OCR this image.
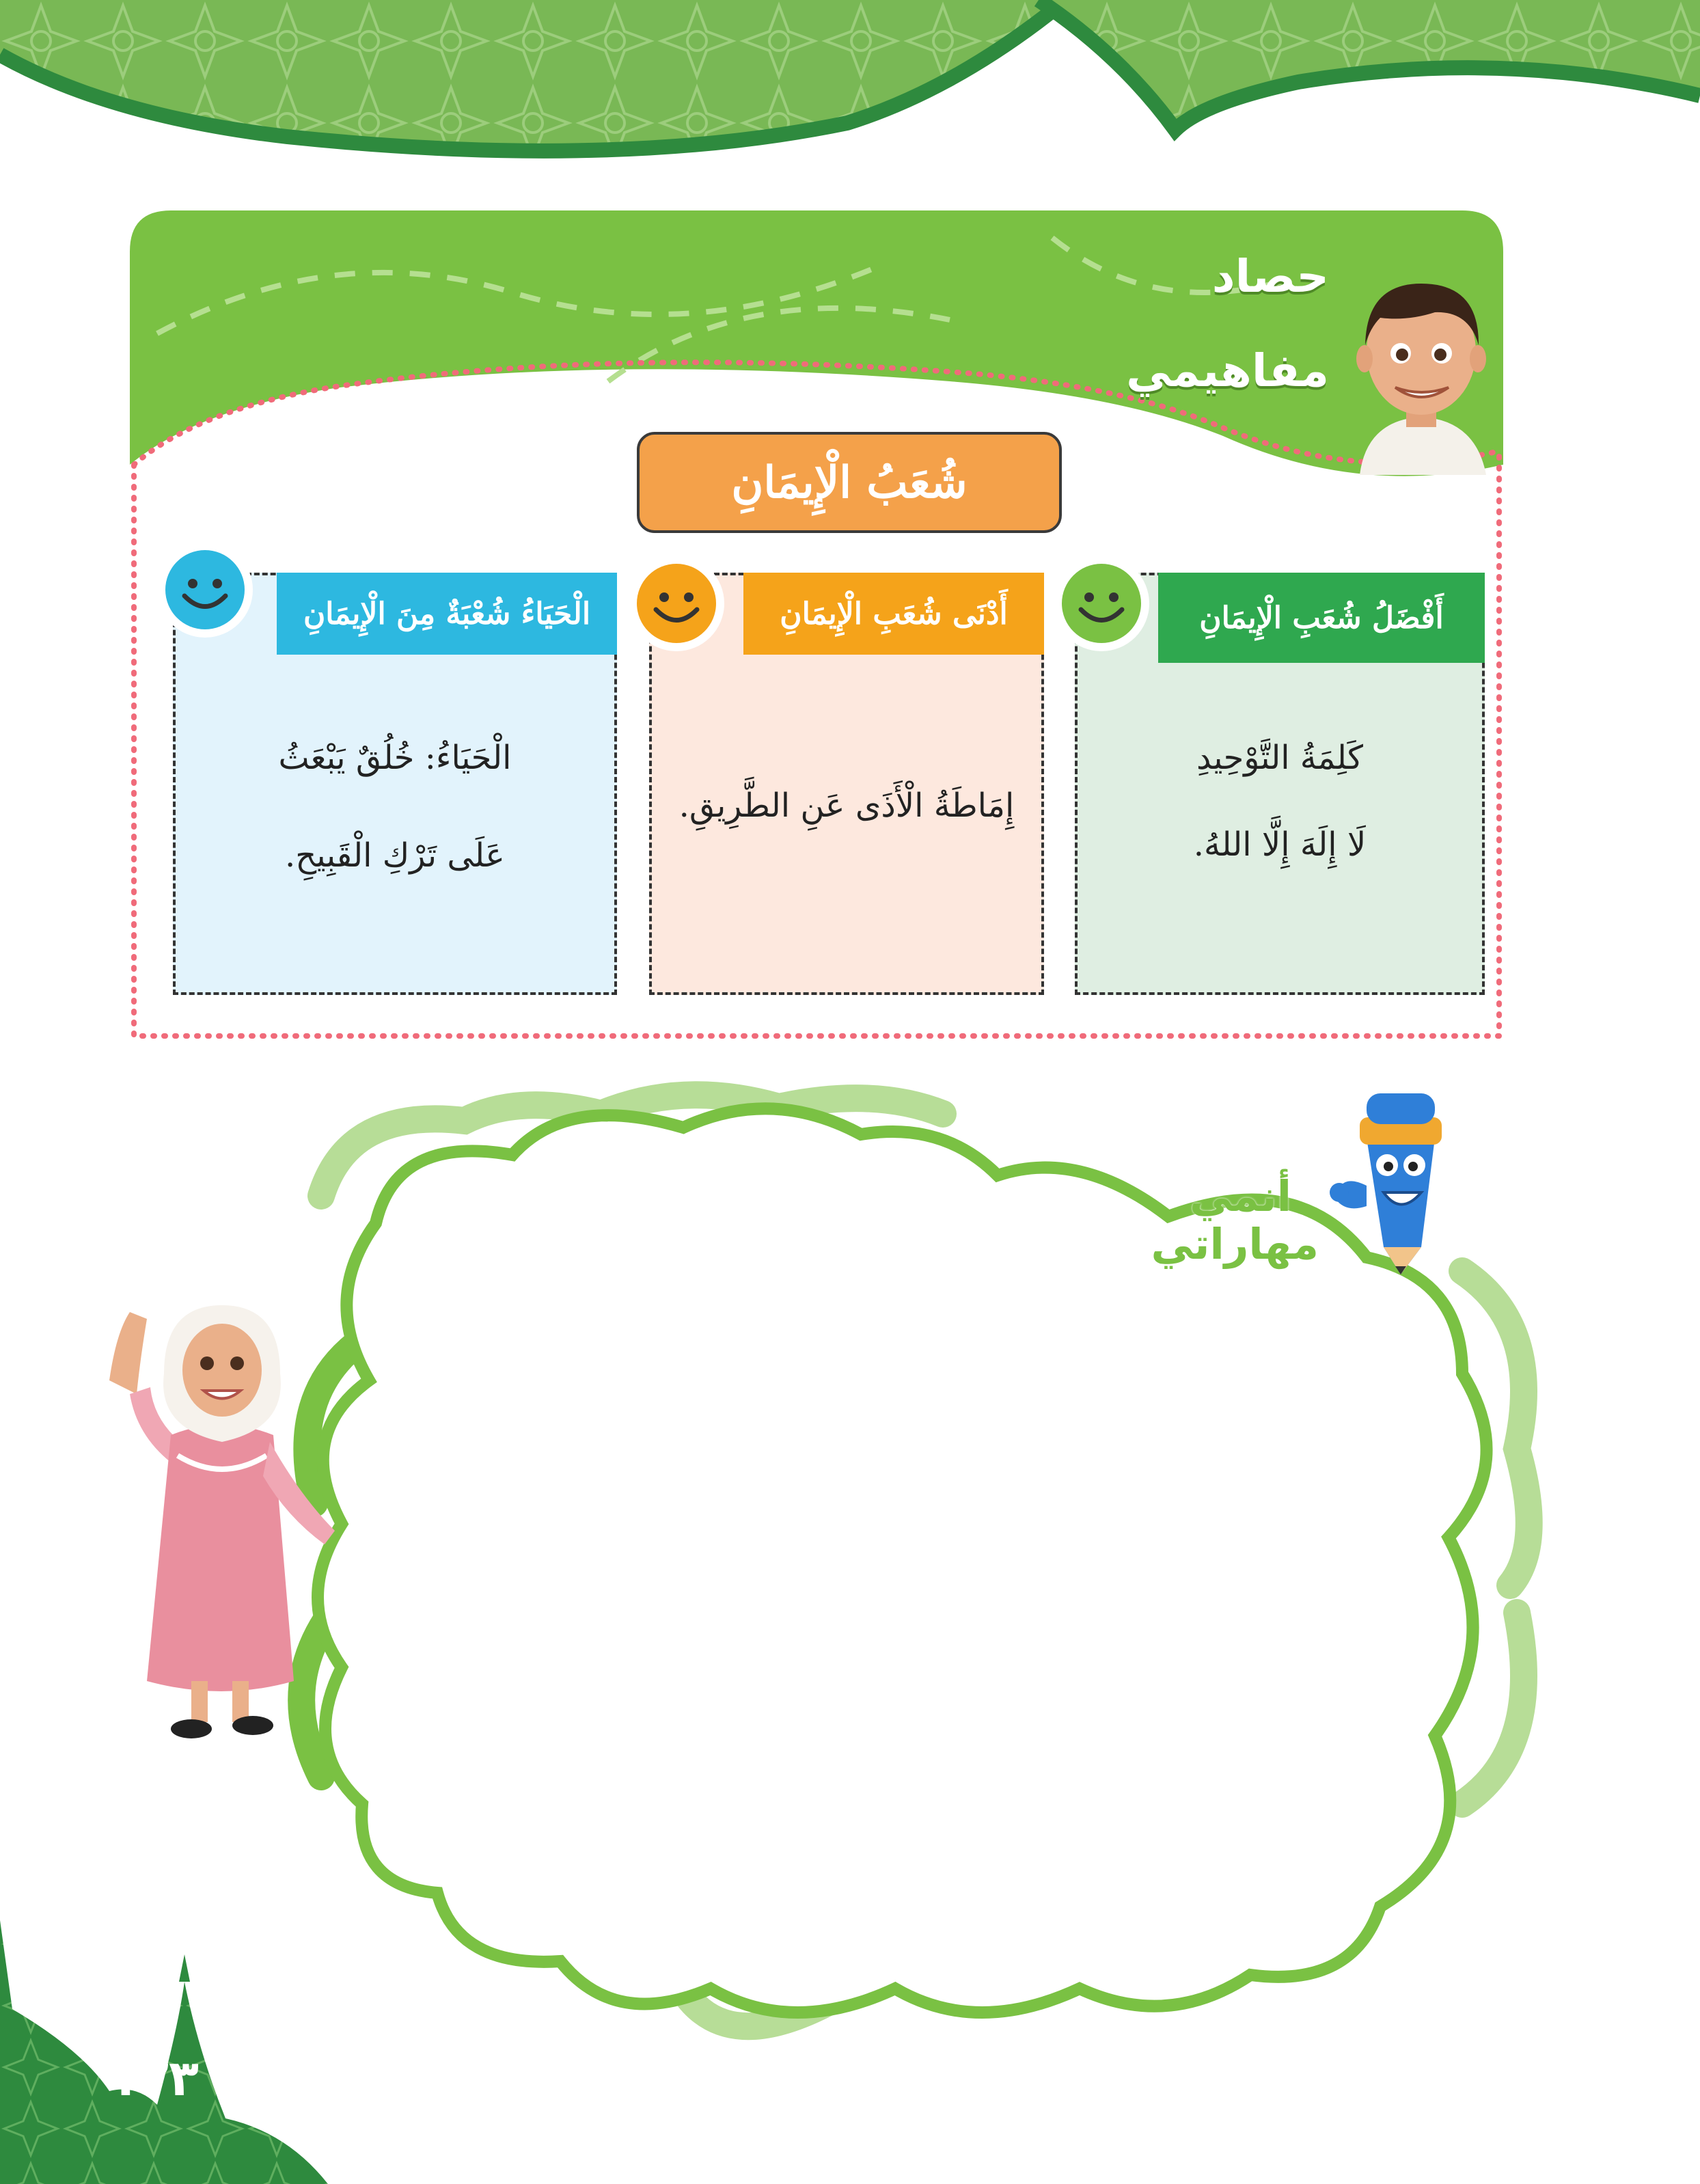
حصاد
مفاهيمي
شُعَبُ الْإِيمَانِ
أَفْضَلُ شُعَبِ الْإِيمَانِ
كَلِمَةُ التَّوْحِيدِ
لَا إِلَهَ إِلَّا اللهُ.
أَدْنَى شُعَبِ الْإِيمَانِ
إِمَاطَةُ الْأَذَى عَنِ الطَّرِيقِ.
الْحَيَاءُ شُعْبَةٌ مِنَ الْإِيمَانِ
الْحَيَاءُ: خُلُقٌ يَبْعَثُ
عَلَى تَرْكِ الْقَبِيحِ.
أنمي
مهاراتي
١٢٣
